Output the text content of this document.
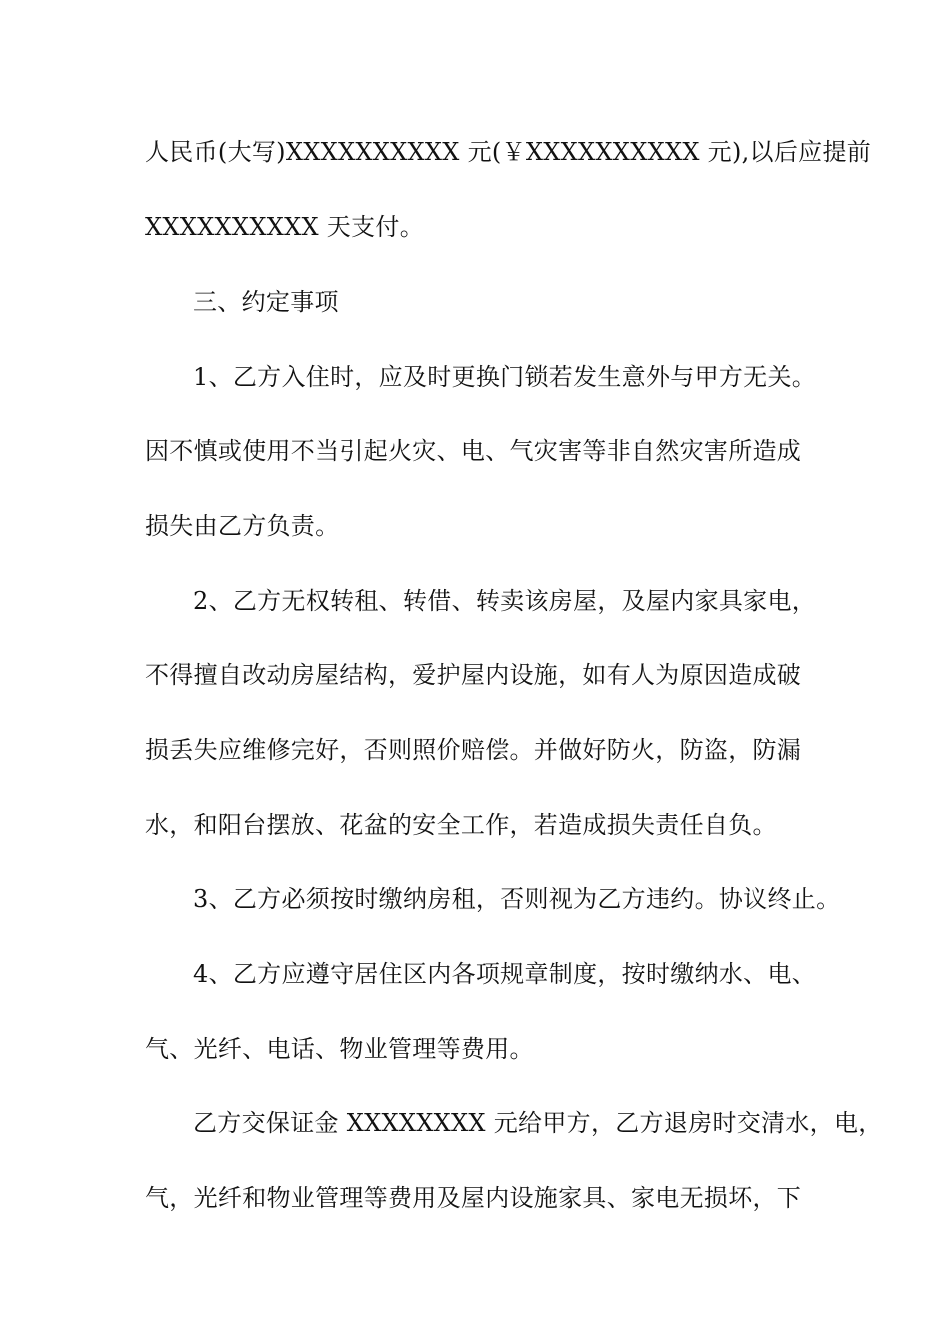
人民币(大写)XXXXXXXXXX 元(￥XXXXXXXXXX 元),以后应提前
XXXXXXXXXX 天支付。
三、约定事项
1、乙方入住时，应及时更换门锁若发生意外与甲方无关。
因不慎或使用不当引起火灾、电、气灾害等非自然灾害所造成
损失由乙方负责。
2、乙方无权转租、转借、转卖该房屋，及屋内家具家电，
不得擅自改动房屋结构，爱护屋内设施，如有人为原因造成破
损丢失应维修完好，否则照价赔偿。并做好防火，防盗，防漏
水，和阳台摆放、花盆的安全工作，若造成损失责任自负。
3、乙方必须按时缴纳房租，否则视为乙方违约。协议终止。
4、乙方应遵守居住区内各项规章制度，按时缴纳水、电、
气、光纤、电话、物业管理等费用。
乙方交保证金 XXXXXXXX 元给甲方，乙方退房时交清水，电，
气，光纤和物业管理等费用及屋内设施家具、家电无损坏，下
